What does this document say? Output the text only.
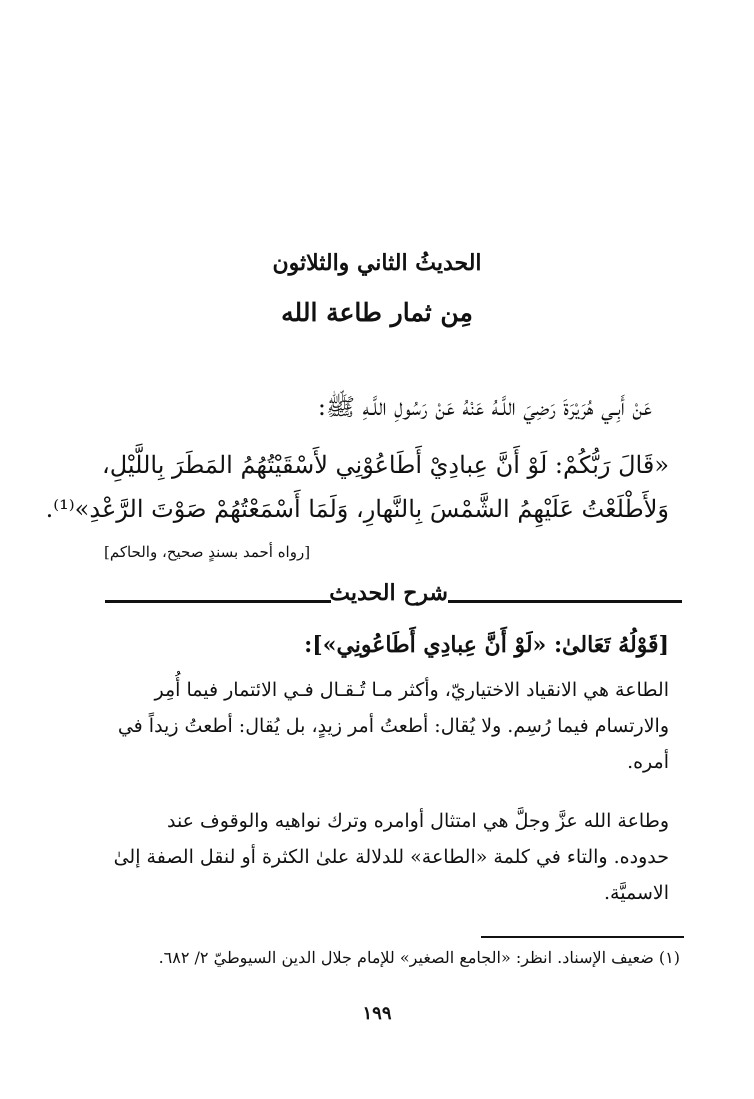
الحديثُ الثاني والثلاثون
مِن ثمار طاعة الله
عَنْ أَبِـي هُرَيْرَةَ رَضِيَ اللَّـهُ عَنْهُ عَنْ رَسُولِ اللَّـهِ ﷺ:
«قَالَ رَبُّكُمْ: لَوْ أَنَّ عِبادِيْ أَطَاعُوْنِي لأَسْقَيْتُهُمُ المَطَرَ بِاللَّيْلِ،
وَلأَطْلَعْتُ عَلَيْهِمُ الشَّمْسَ بِالنَّهارِ، وَلَمَا أَسْمَعْتُهُمْ صَوْتَ الرَّعْدِ»⁽¹⁾.
[رواه أحمد بسندٍ صحيح، والحاكم]
شرح الحديث
[قَوْلُهُ تَعَالىٰ: «لَوْ أَنَّ عِبادِي أَطَاعُونِي»]:
الطاعة هي الانقياد الاختياريّ، وأكثر مـا تُـقـال فـي الائتمار فيما أُمِر
والارتسام فيما رُسِم. ولا يُقال: أطعتُ أمر زيدٍ، بل يُقال: أطعتُ زيداً في
أمره.
وطاعة الله عزَّ وجلَّ هي امتثال أوامره وترك نواهيه والوقوف عند
حدوده. والتاء في كلمة «الطاعة» للدلالة علىٰ الكثرة أو لنقل الصفة إلىٰ
الاسميَّة.
(١) ضعيف الإسناد. انظر: «الجامع الصغير» للإمام جلال الدين السيوطيّ ٢/ ٦٨٢.
١٩٩
